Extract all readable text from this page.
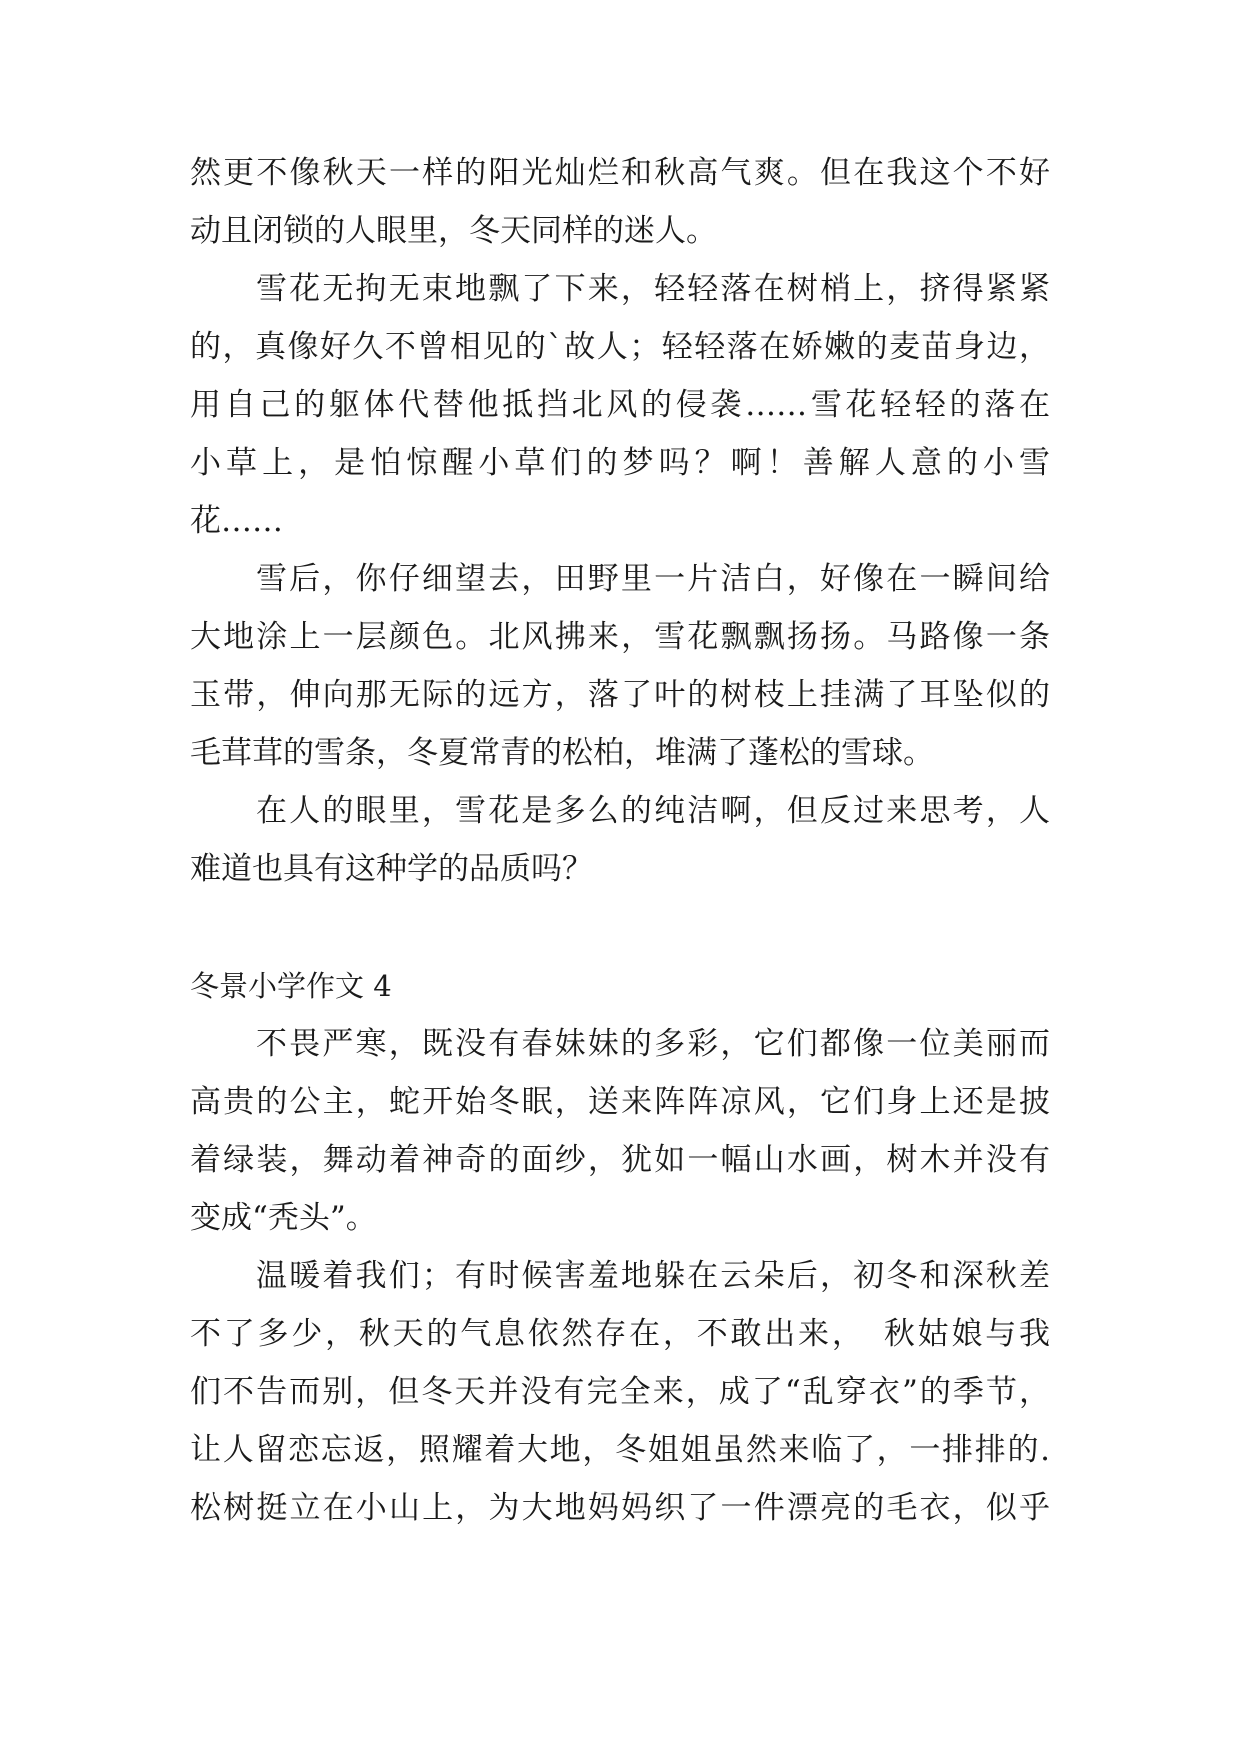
然更不像秋天一样的阳光灿烂和秋高气爽。但在我这个不好
动且闭锁的人眼里，冬天同样的迷人。
雪花无拘无束地飘了下来，轻轻落在树梢上，挤得紧紧
的，真像好久不曾相见的`故人；轻轻落在娇嫩的麦苗身边，
用自己的躯体代替他抵挡北风的侵袭……雪花轻轻的落在
小草上，是怕惊醒小草们的梦吗？啊！善解人意的小雪
花……
雪后，你仔细望去，田野里一片洁白，好像在一瞬间给
大地涂上一层颜色。北风拂来，雪花飘飘扬扬。马路像一条
玉带，伸向那无际的远方，落了叶的树枝上挂满了耳坠似的
毛茸茸的雪条，冬夏常青的松柏，堆满了蓬松的雪球。
在人的眼里，雪花是多么的纯洁啊，但反过来思考，人
难道也具有这种学的品质吗？
冬景小学作文 4
不畏严寒，既没有春妹妹的多彩，它们都像一位美丽而
高贵的公主，蛇开始冬眠，送来阵阵凉风，它们身上还是披
着绿装，舞动着神奇的面纱，犹如一幅山水画，树木并没有
变成“秃头”。
温暖着我们；有时候害羞地躲在云朵后，初冬和深秋差
不了多少，秋天的气息依然存在，不敢出来，　秋姑娘与我
们不告而别，但冬天并没有完全来，成了“乱穿衣”的季节，
让人留恋忘返，照耀着大地，冬姐姐虽然来临了，一排排的.
松树挺立在小山上，为大地妈妈织了一件漂亮的毛衣，似乎
